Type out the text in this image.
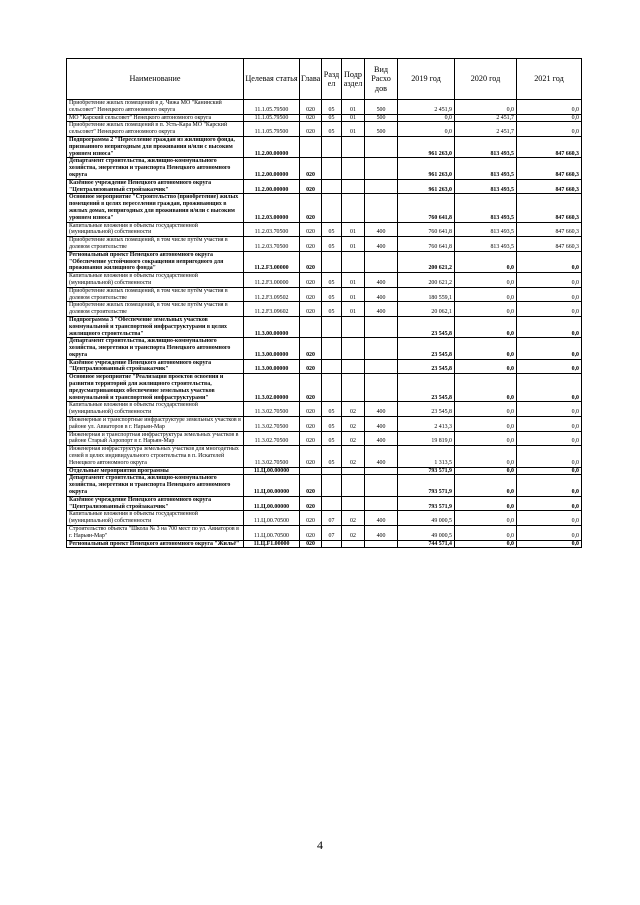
Наименование	Целевая статья	Глава	Разд ел	Подр аздел	Вид Расхо дов	2019 год	2020 год	2021 год
Приобретение жилых помещений в д. Чижа МО "Канинский сельсовет" Ненецкого автономного округа	11.1.05.79500	020	05	01	500	2 451,9	0,0	0,0
МО "Карский сельсовет" Ненецкого автономного округа	11.1.05.79500	020	05	01	500	0,0	2 451,7	0,0
Приобретение жилых помещений в п. Усть-Кара МО "Карский сельсовет" Ненецкого автономного округа	11.1.05.79500	020	05	01	500	0,0	2 451,7	0,0
Подпрограмма 2 "Переселение граждан из жилищного фонда, признанного непригодным для проживания и/или с высоким уровнем износа"	11.2.00.00000					961 263,0	813 493,5	847 660,3
Департамент строительства, жилищно-коммунального хозяйства, энергетики и транспорта Ненецкого автономного округа	11.2.00.00000	020				961 263,0	813 493,5	847 660,3
Казённое учреждение Ненецкого автономного округа "Централизованный стройзаказчик"	11.2.00.00000	020				961 263,0	813 493,5	847 660,3
Основное мероприятие "Строительство (приобретение) жилых помещений в целях переселения граждан, проживающих в жилых домах, непригодных для проживания и/или с высоким уровнем износа"	11.2.03.00000	020				760 641,8	813 493,5	847 660,3
Капитальные вложения в объекты государственной (муниципальной) собственности	11.2.03.70500	020	05	01	400	760 641,8	813 493,5	847 660,3
Приобретение жилых помещений, в том числе путём участия в долевом строительстве	11.2.03.70500	020	05	01	400	760 641,8	813 493,5	847 660,3
Региональный проект Ненецкого автономного округа "Обеспечение устойчивого сокращения непригодного для проживания жилищного фонда"	11.2.F3.00000	020				200 621,2	0,0	0,0
Капитальные вложения в объекты государственной (муниципальной) собственности	11.2.F3.00000	020	05	01	400	200 621,2	0,0	0,0
Приобретение жилых помещений, в том числе путём участия в долевом строительстве	11.2.F3.09502	020	05	01	400	180 559,1	0,0	0,0
Приобретение жилых помещений, в том числе путём участия в долевом строительстве	11.2.F3.09602	020	05	01	400	20 062,1	0,0	0,0
Подпрограмма 3 "Обеспечение земельных участков коммунальной и транспортной инфраструктурами в целях жилищного строительства"	11.3.00.00000					23 545,8	0,0	0,0
Департамент строительства, жилищно-коммунального хозяйства, энергетики и транспорта Ненецкого автономного округа	11.3.00.00000	020				23 545,8	0,0	0,0
Казённое учреждение Ненецкого автономного округа "Централизованный стройзаказчик"	11.3.00.00000	020				23 545,8	0,0	0,0
Основное мероприятие "Реализация проектов освоения и развития территорий для жилищного строительства, предусматривающих обеспечение земельных участков коммунальной и транспортной инфраструктурами"	11.3.02.00000	020				23 545,8	0,0	0,0
Капитальные вложения в объекты государственной (муниципальной) собственности	11.3.02.70500	020	05	02	400	23 545,8	0,0	0,0
Инженерные и транспортные инфраструктуре земельных участков в районе ул. Авиаторов в г. Нарьян-Мар	11.3.02.70500	020	05	02	400	2 413,3	0,0	0,0
Инженерная и транспортная инфраструктура земельных участков в районе Старый Аэропорт в г. Нарьян-Мар	11.3.02.70500	020	05	02	400	19 819,0	0,0	0,0
Инженерная инфраструктура земельных участков для многодетных семей в целях индивидуального строительства в п. Искателей Ненецкого автономного округа	11.3.02.70500	020	05	02	400	1 313,5	0,0	0,0
Отдельные мероприятия программы	11.Ц.00.00000					793 571,9	0,0	0,0
Департамент строительства, жилищно-коммунального хозяйства, энергетики и транспорта Ненецкого автономного округа	11.Ц.00.00000	020				793 571,9	0,0	0,0
Казённое учреждение Ненецкого автономного округа "Централизованный стройзаказчик"	11.Ц.00.00000	020				793 571,9	0,0	0,0
Капитальные вложения в объекты государственной (муниципальной) собственности	11.Ц.00.70500	020	07	02	400	49 000,5	0,0	0,0
Строительство объекта "Школа № 3 на 700 мест по ул. Авиаторов в г. Нарьян-Мар"	11.Ц.00.70500	020	07	02	400	49 000,5	0,0	0,0
Региональный проект Ненецкого автономного округа "Жильё"	11.Ц.F1.00000	020				744 571,4	0,0	0,0
4
